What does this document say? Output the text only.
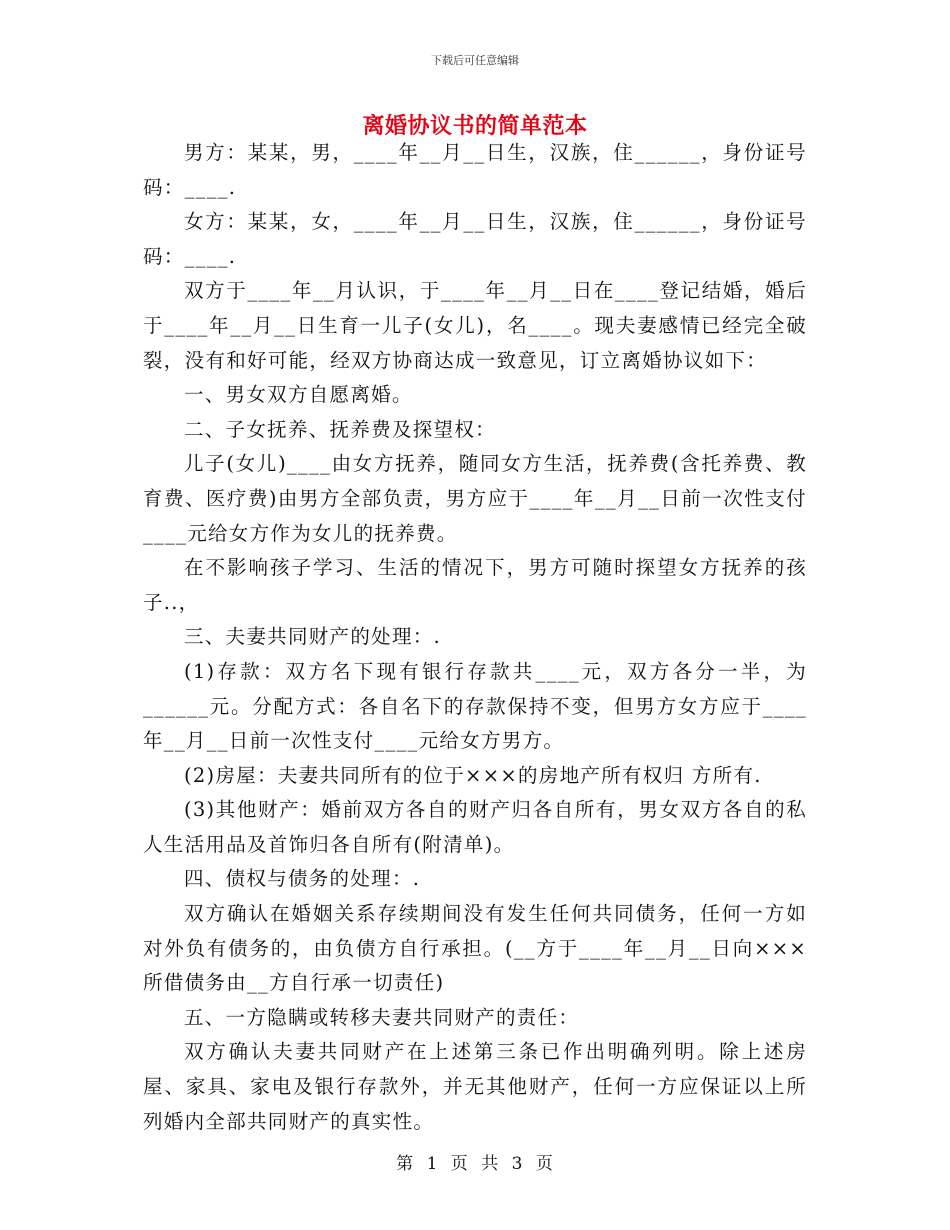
下载后可任意编辑
离婚协议书的简单范本

男方：某某，男，____年__月__日生，汉族，住______，身份证号码：____.

女方：某某，女，____年__月__日生，汉族，住______，身份证号码：____.

双方于____年__月认识，于____年__月__日在____登记结婚，婚后于____年__月__日生育一儿子(女儿)，名____。现夫妻感情已经完全破裂，没有和好可能，经双方协商达成一致意见，订立离婚协议如下：

一、男女双方自愿离婚。

二、子女抚养、抚养费及探望权：

儿子(女儿)____由女方抚养，随同女方生活，抚养费(含托养费、教育费、医疗费)由男方全部负责，男方应于____年__月__日前一次性支付____元给女方作为女儿的抚养费。

在不影响孩子学习、生活的情况下，男方可随时探望女方抚养的孩子..，

三、夫妻共同财产的处理：.

(1)存款：双方名下现有银行存款共____元，双方各分一半，为______元。分配方式：各自名下的存款保持不变，但男方女方应于____年__月__日前一次性支付____元给女方男方。

(2)房屋：夫妻共同所有的位于×××的房地产所有权归 方所有.

(3)其他财产：婚前双方各自的财产归各自所有，男女双方各自的私人生活用品及首饰归各自所有(附清单)。

四、债权与债务的处理：.

双方确认在婚姻关系存续期间没有发生任何共同债务，任何一方如对外负有债务的，由负债方自行承担。(__方于____年__月__日向×××所借债务由__方自行承一切责任)

五、一方隐瞒或转移夫妻共同财产的责任：

双方确认夫妻共同财产在上述第三条已作出明确列明。除上述房屋、家具、家电及银行存款外，并无其他财产，任何一方应保证以上所列婚内全部共同财产的真实性。

第 1 页 共 3 页
